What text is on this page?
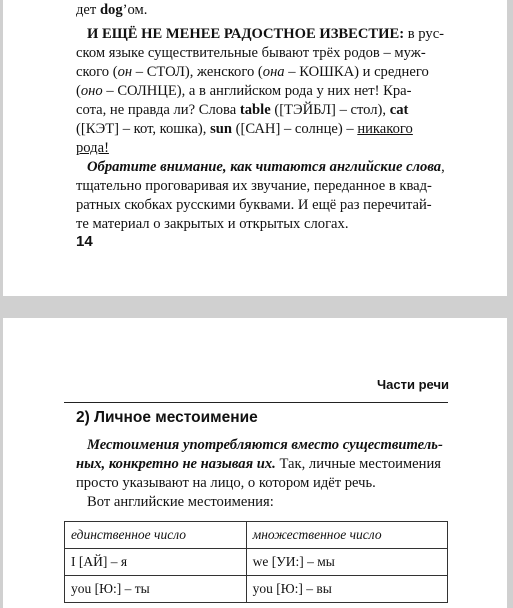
дет dog’ом.
И ЕЩЁ НЕ МЕНЕЕ РАДОСТНОЕ ИЗВЕСТИЕ: в рус-
ском языке существительные бывают трёх родов – муж-
ского (он – СТОЛ), женского (она – КОШКА) и среднего
(оно – СОЛНЦЕ), а в английском рода у них нет! Кра-
сота, не правда ли? Слова table ([ТЭЙБЛ] – стол), cat
([КЭТ] – кот, кошка), sun ([САН] – солнце) – никакого
рода!
Обратите внимание, как читаются английские слова,
тщательно проговаривая их звучание, переданное в квад-
ратных скобках русскими буквами. И ещё раз перечитай-
те материал о закрытых и открытых слогах.
14
Части речи
2) Личное местоимение
Местоимения употребляются вместо существитель-
ных, конкретно не называя их. Так, личные местоимения
просто указывают на лицо, о котором идёт речь.
Вот английские местоимения:
единственное число	множественное число
I [АЙ] – я	we [УИ:] – мы
you [Ю:] – ты	you [Ю:] – вы
